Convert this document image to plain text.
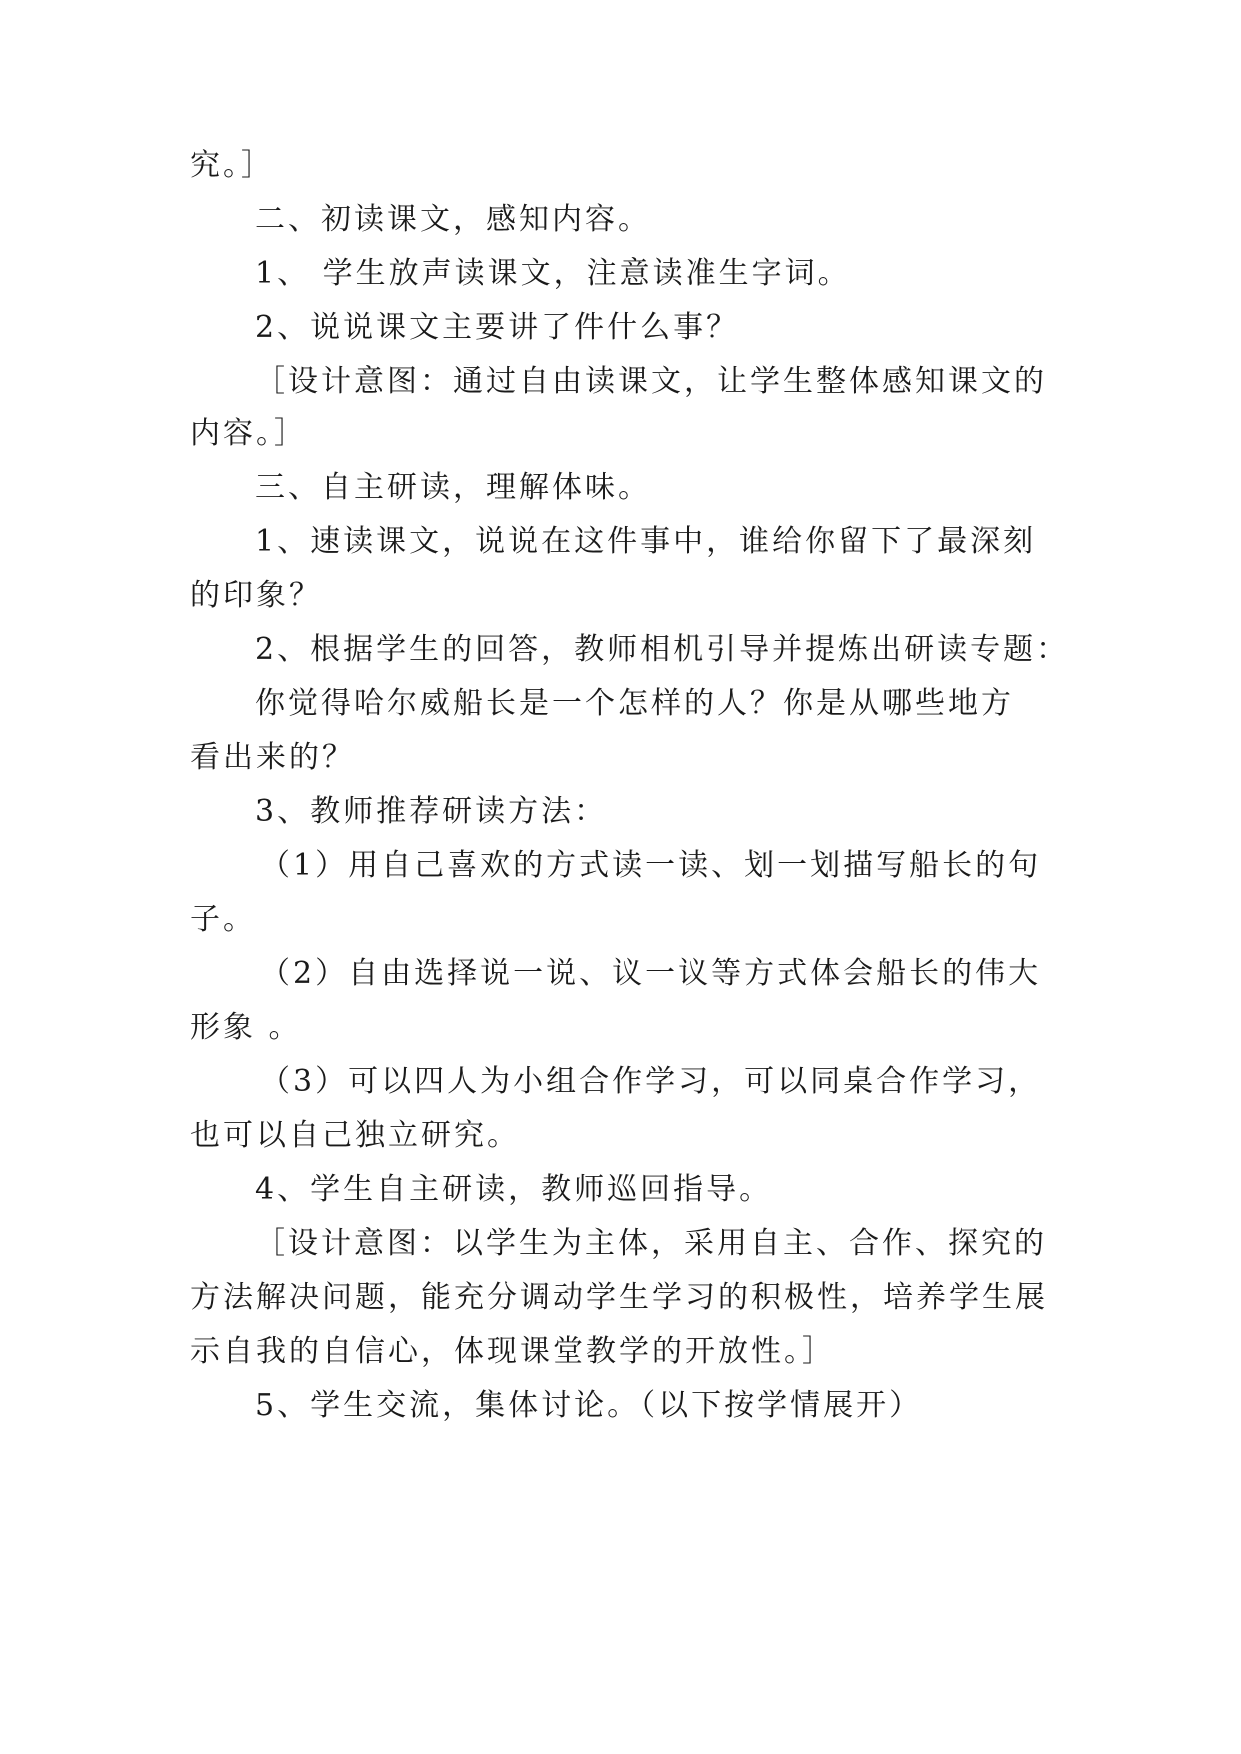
究。］

二、初读课文，感知内容。

1、 学生放声读课文，注意读准生字词。

2、说说课文主要讲了件什么事？

［设计意图：通过自由读课文，让学生整体感知课文的

内容。］

三、自主研读，理解体味。

1、速读课文，说说在这件事中，谁给你留下了最深刻

的印象？

2、根据学生的回答，教师相机引导并提炼出研读专题：

你觉得哈尔威船长是一个怎样的人？你是从哪些地方

看出来的？

3、教师推荐研读方法：

（1）用自己喜欢的方式读一读、划一划描写船长的句

子。

（2）自由选择说一说、议一议等方式体会船长的伟大

形象 。

（3）可以四人为小组合作学习，可以同桌合作学习，

也可以自己独立研究。

4、学生自主研读，教师巡回指导。

［设计意图：以学生为主体，采用自主、合作、探究的

方法解决问题，能充分调动学生学习的积极性，培养学生展

示自我的自信心，体现课堂教学的开放性。］

5、学生交流，集体讨论。（以下按学情展开）
